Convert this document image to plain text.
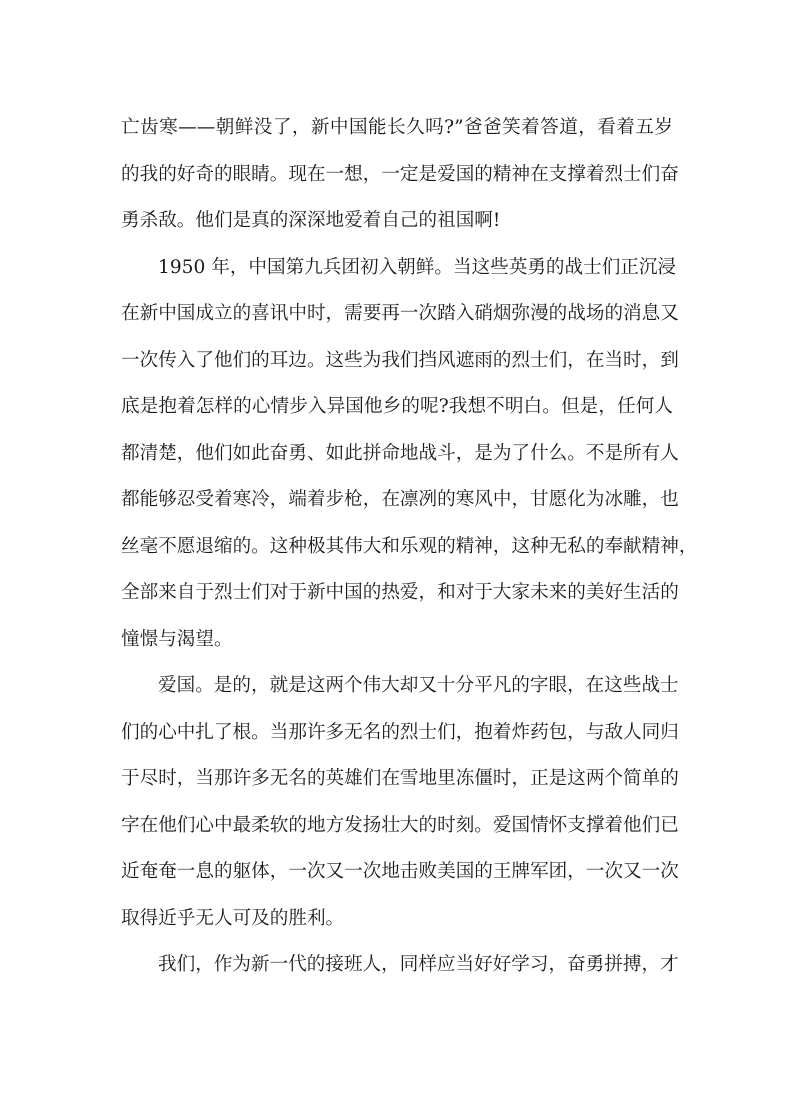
亡齿寒——朝鲜没了，新中国能长久吗?”爸爸笑着答道，看着五岁
的我的好奇的眼睛。现在一想，一定是爱国的精神在支撑着烈士们奋
勇杀敌。他们是真的深深地爱着自己的祖国啊!
1950 年，中国第九兵团初入朝鲜。当这些英勇的战士们正沉浸
在新中国成立的喜讯中时，需要再一次踏入硝烟弥漫的战场的消息又
一次传入了他们的耳边。这些为我们挡风遮雨的烈士们，在当时，到
底是抱着怎样的心情步入异国他乡的呢?我想不明白。但是，任何人
都清楚，他们如此奋勇、如此拼命地战斗，是为了什么。不是所有人
都能够忍受着寒冷，端着步枪，在凛冽的寒风中，甘愿化为冰雕，也
丝毫不愿退缩的。这种极其伟大和乐观的精神，这种无私的奉献精神，
全部来自于烈士们对于新中国的热爱，和对于大家未来的美好生活的
憧憬与渴望。
爱国。是的，就是这两个伟大却又十分平凡的字眼，在这些战士
们的心中扎了根。当那许多无名的烈士们，抱着炸药包，与敌人同归
于尽时，当那许多无名的英雄们在雪地里冻僵时，正是这两个简单的
字在他们心中最柔软的地方发扬壮大的时刻。爱国情怀支撑着他们已
近奄奄一息的躯体，一次又一次地击败美国的王牌军团，一次又一次
取得近乎无人可及的胜利。
我们，作为新一代的接班人，同样应当好好学习，奋勇拼搏，才
